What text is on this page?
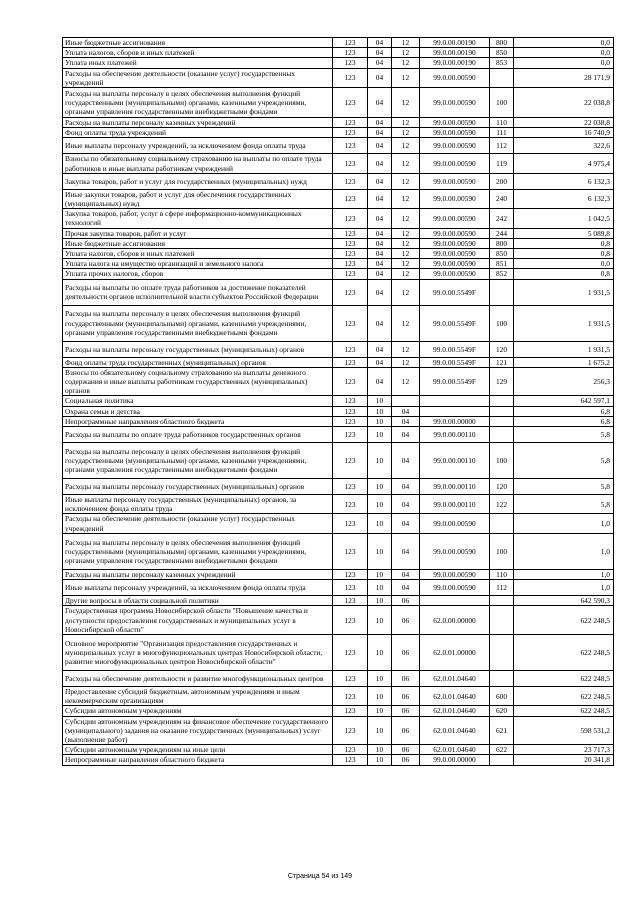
Иные бюджетные ассигнования	123	04	12	99.0.00.00190	800	0,0
Уплата налогов, сборов и иных платежей	123	04	12	99.0.00.00190	850	0,0
Уплата иных платежей	123	04	12	99.0.00.00190	853	0,0
Расходы на обеспечение деятельности (оказание услуг) государственных учреждений	123	04	12	99.0.00.00590		28 171,9
Расходы на выплаты персоналу в целях обеспечения выполнения функций государственными (муниципальными) органами, казенными учреждениями, органами управления государственными внебюджетными фондами	123	04	12	99.0.00.00590	100	22 038,8
Расходы на выплаты персоналу казенных учреждений	123	04	12	99.0.00.00590	110	22 038,8
Фонд оплаты труда учреждений	123	04	12	99.0.00.00590	111	16 740,9
Иные выплаты персоналу учреждений, за исключением фонда оплаты труда	123	04	12	99.0.00.00590	112	322,6
Взносы по обязательному социальному страхованию на выплаты по оплате труда работников и иные выплаты работникам учреждений	123	04	12	99.0.00.00590	119	4 975,4
Закупка товаров, работ и услуг для государственных (муниципальных) нужд	123	04	12	99.0.00.00590	200	6 132,3
Иные закупки товаров, работ и услуг для обеспечения государственных (муниципальных) нужд	123	04	12	99.0.00.00590	240	6 132,3
Закупка товаров, работ, услуг в сфере информационно-коммуникационных технологий	123	04	12	99.0.00.00590	242	1 042,5
Прочая закупка товаров, работ и услуг	123	04	12	99.0.00.00590	244	5 089,8
Иные бюджетные ассигнования	123	04	12	99.0.00.00590	800	0,8
Уплата налогов, сборов и иных платежей	123	04	12	99.0.00.00590	850	0,8
Уплата налога на имущество организаций и земельного налога	123	04	12	99.0.00.00590	851	0,0
Уплата прочих налогов, сборов	123	04	12	99.0.00.00590	852	0,8
Расходы на выплаты по оплате труда работников за достижение показателей деятельности органов исполнительной власти субъектов Российской Федерации	123	04	12	99.0.00.5549F		1 931,5
Расходы на выплаты персоналу в целях обеспечения выполнения функций государственными (муниципальными) органами, казенными учреждениями, органами управления государственными внебюджетными фондами	123	04	12	99.0.00.5549F	100	1 931,5
Расходы на выплаты персоналу государственных (муниципальных) органов	123	04	12	99.0.00.5549F	120	1 931,5
Фонд оплаты труда государственных (муниципальных) органов	123	04	12	99.0.00.5549F	121	1 675,2
Взносы по обязательному социальному страхованию на выплаты денежного содержания и иные выплаты работникам государственных (муниципальных) органов	123	04	12	99.0.00.5549F	129	256,3
Социальная политика	123	10				642 597,1
Охрана семьи и детства	123	10	04			6,8
Непрограммные направления областного бюджета	123	10	04	99.0.00.00000		6,8
Расходы на выплаты по оплате труда работников государственных органов	123	10	04	99.0.00.00110		5,8
Расходы на выплаты персоналу в целях обеспечения выполнения функций государственными (муниципальными) органами, казенными учреждениями, органами управления государственными внебюджетными фондами	123	10	04	99.0.00.00110	100	5,8
Расходы на выплаты персоналу государственных (муниципальных) органов	123	10	04	99.0.00.00110	120	5,8
Иные выплаты персоналу государственных (муниципальных) органов, за исключением фонда оплаты труда	123	10	04	99.0.00.00110	122	5,8
Расходы на обеспечение деятельности (оказание услуг) государственных учреждений	123	10	04	99.0.00.00590		1,0
Расходы на выплаты персоналу в целях обеспечения выполнения функций государственными (муниципальными) органами, казенными учреждениями, органами управления государственными внебюджетными фондами	123	10	04	99.0.00.00590	100	1,0
Расходы на выплаты персоналу казенных учреждений	123	10	04	99.0.00.00590	110	1,0
Иные выплаты персоналу учреждений, за исключением фонда оплаты труда	123	10	04	99.0.00.00590	112	1,0
Другие вопросы в области социальной политики	123	10	06			642 590,3
Государственная программа Новосибирской области "Повышение качества и доступности предоставления государственных и муниципальных услуг в Новосибирской области"	123	10	06	62.0.00.00000		622 248,5
Основное мероприятие "Организация предоставления государственных и муниципальных услуг в многофункциональных центрах Новосибирской области, развитие многофункциональных центров Новосибирской области"	123	10	06	62.0.01.00000		622 248,5
Расходы на обеспечение деятельности и развитие многофункциональных центров	123	10	06	62.0.01.04640		622 248,5
Предоставление субсидий бюджетным, автономным учреждениям и иным некоммерческим организациям	123	10	06	62.0.01.04640	600	622 248,5
Субсидии автономным учреждениям	123	10	06	62.0.01.04640	620	622 248,5
Субсидии автономным учреждениям на финансовое обеспечение государственного (муниципального) задания на оказание государственных (муниципальных) услуг (выполнение работ)	123	10	06	62.0.01.04640	621	598 531,2
Субсидии автономным учреждениям на иные цели	123	10	06	62.0.01.04640	622	23 717,3
Непрограммные направления областного бюджета	123	10	06	99.0.00.00000		20 341,8
Страница 54 из 149
